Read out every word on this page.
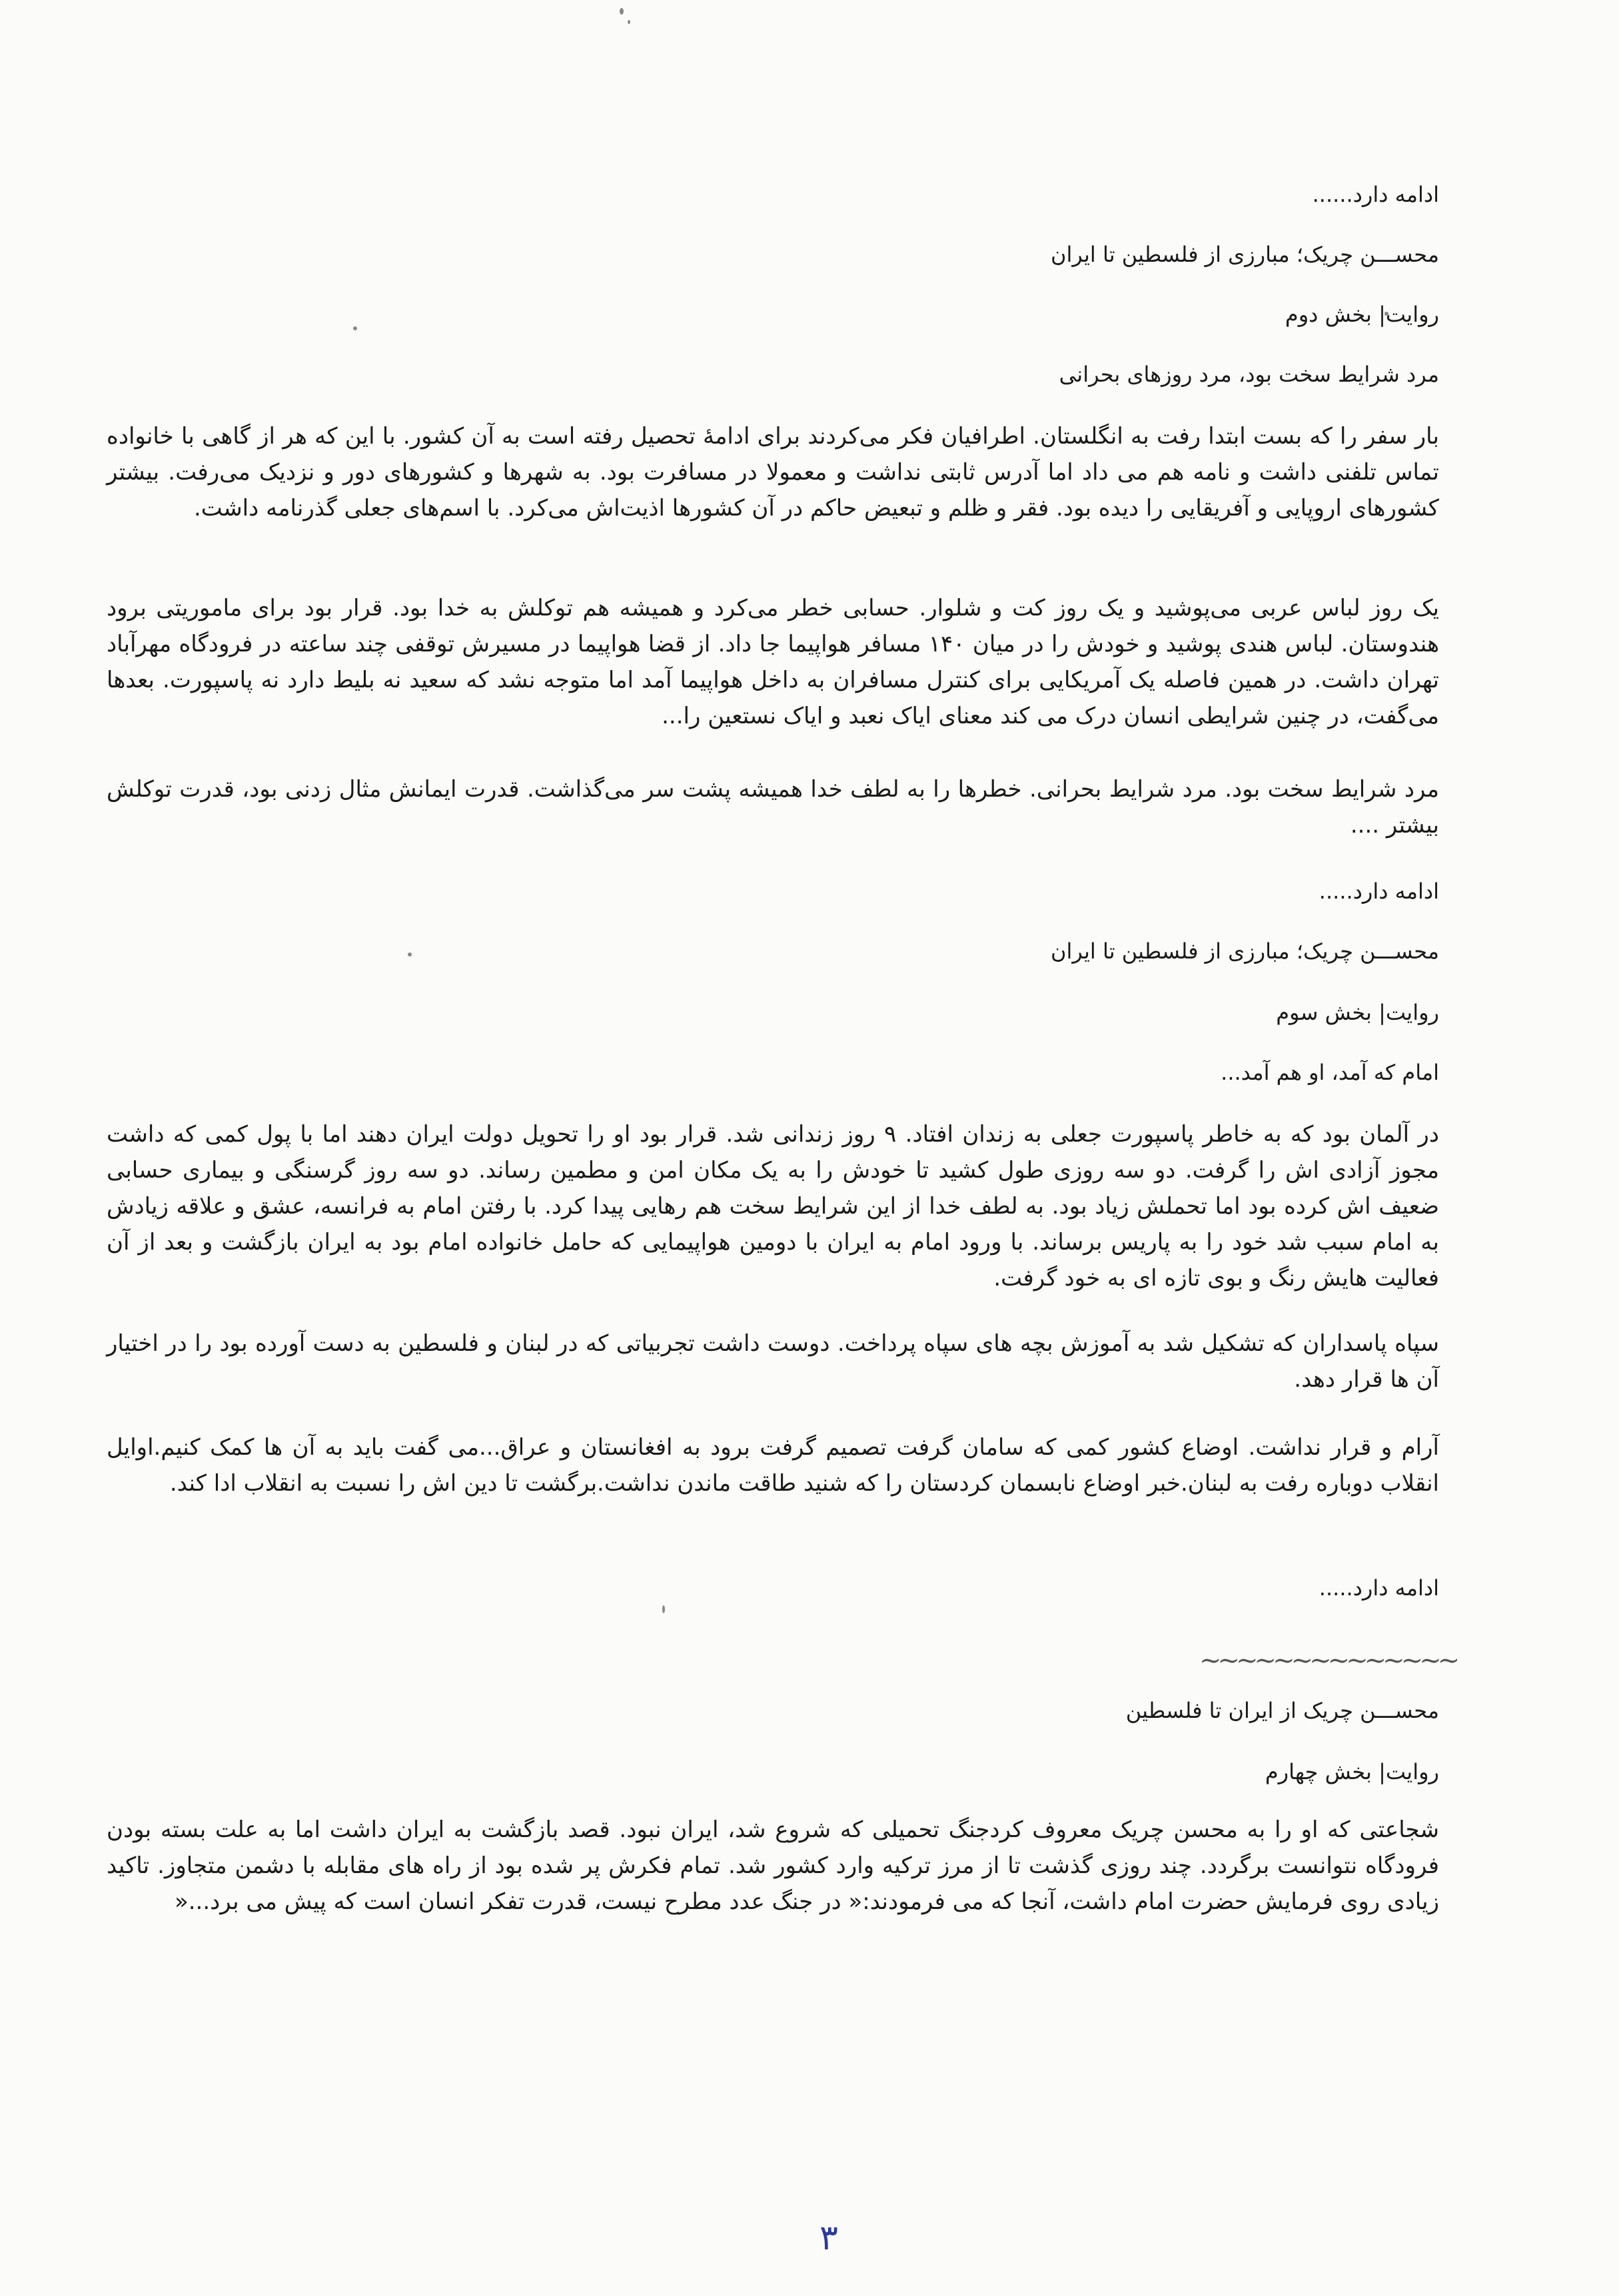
ادامه دارد......
محســـن چریک؛ مبارزی از فلسطین تا ایران
روایت| بخش دوم
مرد شرایط سخت بود، مرد روزهای بحرانی
بار سفر را که بست ابتدا رفت به انگلستان. اطرافیان فکر می‌کردند برای ادامهٔ تحصیل رفته است به آن کشور. با این که هر از گاهی با خانواده تماس تلفنی داشت و نامه هم می داد اما آدرس ثابتی نداشت و معمولا در مسافرت بود. به شهرها و کشورهای دور و نزدیک می‌رفت. بیشتر کشورهای اروپایی و آفریقایی را دیده بود. فقر و ظلم و تبعیض حاکم در آن کشورها اذیت‌اش می‌کرد. با اسم‌های جعلی گذرنامه داشت.
یک روز لباس عربی می‌پوشید و یک روز کت و شلوار. حسابی خطر می‌کرد و همیشه هم توکلش به خدا بود. قرار بود برای ماموریتی برود هندوستان. لباس هندی پوشید و خودش را در میان ۱۴۰ مسافر هواپیما جا داد. از قضا هواپیما در مسیرش توقفی چند ساعته در فرودگاه مهرآباد تهران داشت. در همین فاصله یک آمریکایی برای کنترل مسافران به داخل هواپیما آمد اما متوجه نشد که سعید نه بلیط دارد نه پاسپورت. بعدها می‌گفت، در چنین شرایطی انسان درک می کند معنای ایاک نعبد و ایاک نستعین را...
مرد شرایط سخت بود. مرد شرایط بحرانی. خطرها را به لطف خدا همیشه پشت سر می‌گذاشت. قدرت ایمانش مثال زدنی بود، قدرت توکلش بیشتر ....
ادامه دارد.....
محســـن چریک؛ مبارزی از فلسطین تا ایران
روایت| بخش سوم
امام که آمد، او هم آمد...
در آلمان بود که به خاطر پاسپورت جعلی به زندان افتاد. ۹ روز زندانی شد. قرار بود او را تحویل دولت ایران دهند اما با پول کمی که داشت مجوز آزادی اش را گرفت. دو سه روزی طول کشید تا خودش را به یک مکان امن و مطمین رساند. دو سه روز گرسنگی و بیماری حسابی ضعیف اش کرده بود اما تحملش زیاد بود. به لطف خدا از این شرایط سخت هم رهایی پیدا کرد. با رفتن امام به فرانسه، عشق و علاقه زیادش به امام سبب شد خود را به پاریس برساند. با ورود امام به ایران با دومین هواپیمایی که حامل خانواده امام بود به ایران بازگشت و بعد از آن فعالیت هایش رنگ و بوی تازه ای به خود گرفت.
سپاه پاسداران که تشکیل شد به آموزش بچه های سپاه پرداخت. دوست داشت تجربیاتی که در لبنان و فلسطین به دست آورده بود را در اختیار آن ها قرار دهد.
آرام و قرار نداشت. اوضاع کشور کمی که سامان گرفت تصمیم گرفت برود به افغانستان و عراق...می گفت باید به آن ها کمک کنیم.اوایل انقلاب دوباره رفت به لبنان.خبر اوضاع نابسمان کردستان را که شنید طاقت ماندن نداشت.برگشت تا دین اش را نسبت به انقلاب ادا کند.
ادامه دارد.....
محســـن چریک از ایران تا فلسطین
روایت| بخش چهارم
شجاعتی که او را به محسن چریک معروف کردجنگ تحمیلی که شروع شد، ایران نبود. قصد بازگشت به ایران داشت اما به علت بسته بودن فرودگاه نتوانست برگردد. چند روزی گذشت تا از مرز ترکیه وارد کشور شد. تمام فکرش پر شده بود از راه های مقابله با دشمن متجاوز. تاکید زیادی روی فرمایش حضرت امام داشت، آنجا که می فرمودند:« در جنگ عدد مطرح نیست، قدرت تفکر انسان است که پیش می برد...«
~~~~~~~~~~~~~~
۳
